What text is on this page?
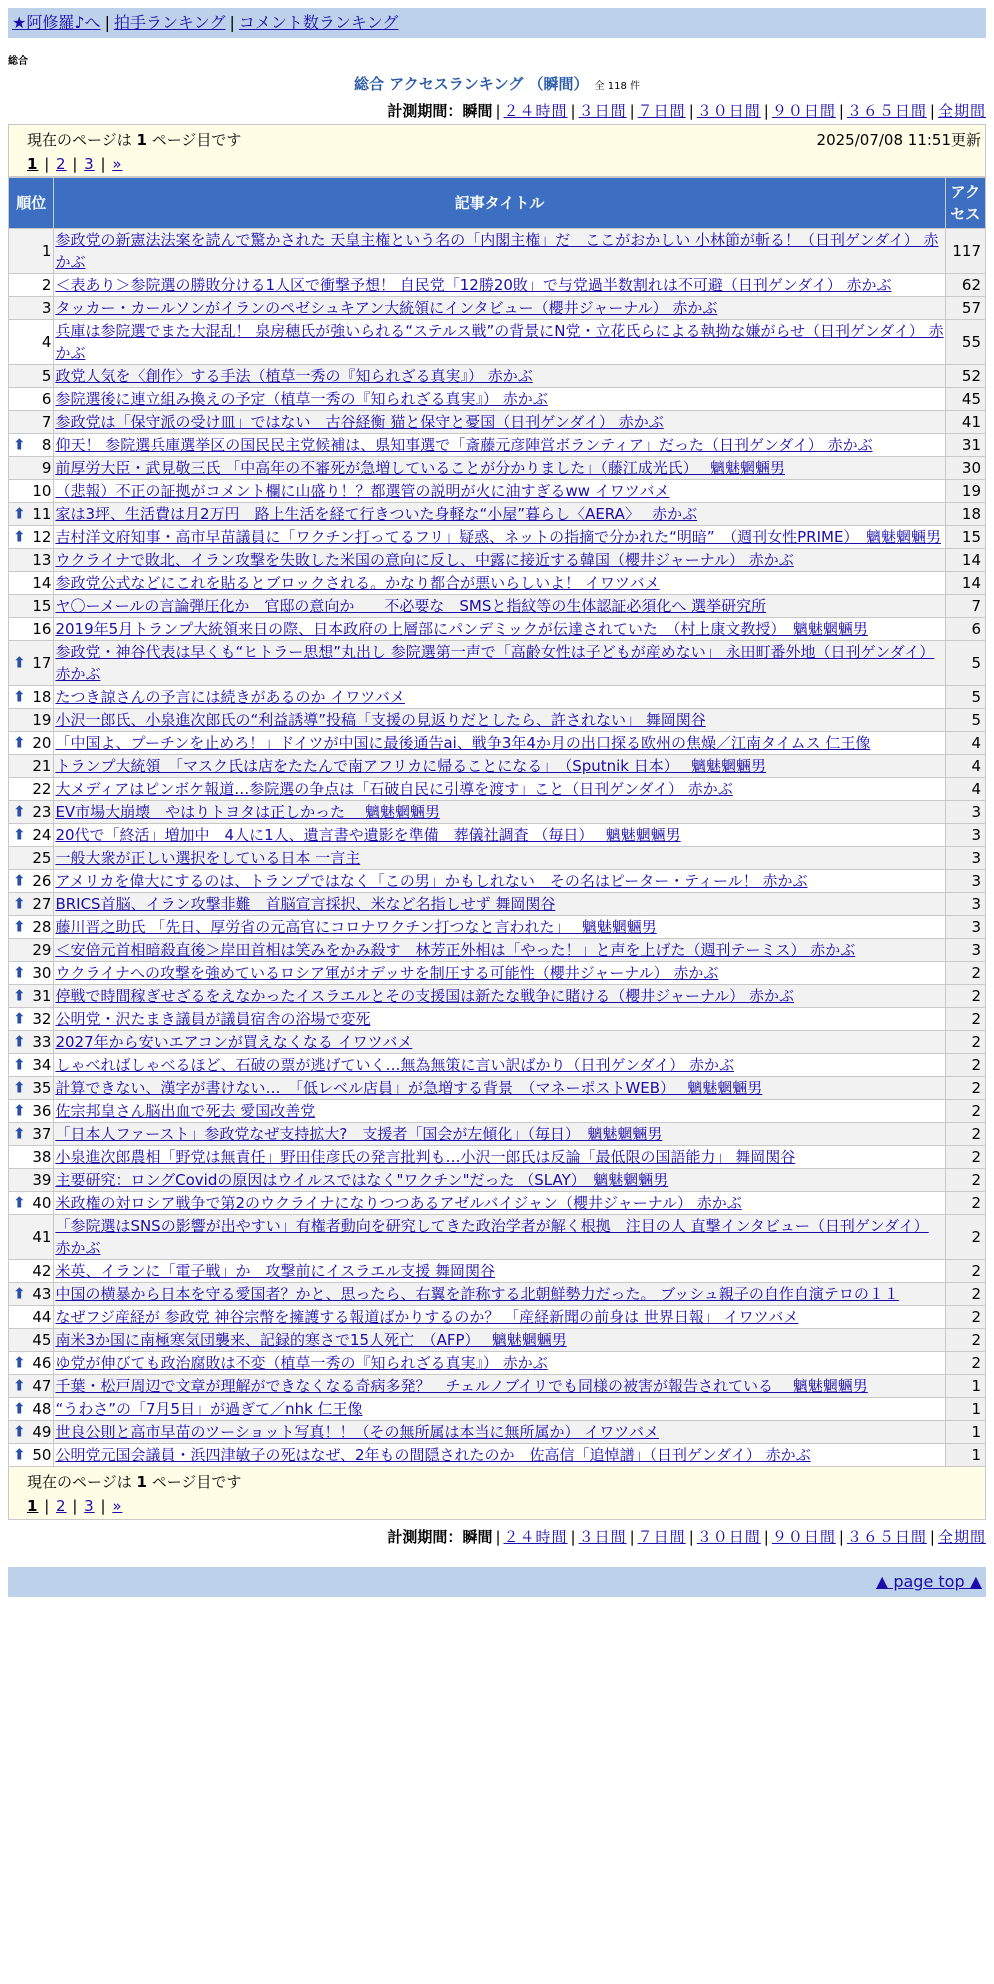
★阿修羅♪へ | 拍手ランキング | コメント数ランキング
総合
総合 アクセスランキング （瞬間） 全 118 件
計測期間：瞬間 | ２４時間 | ３日間 | ７日間 | ３０日間 | ９０日間 | ３６５日間 | 全期間
現在のページは 1 ページ目です	2025/07/08 11:51更新
1 | 2 | 3 | »
順位	記事タイトル	アクセス
1	参政党の新憲法法案を読んで驚かされた 天皇主権という名の「内閣主権」だ　ここがおかしい 小林節が斬る！（日刊ゲンダイ） 赤かぶ	117
2	＜表あり＞参院選の勝敗分ける1人区で衝撃予想！ 自民党「12勝20敗」で与党過半数割れは不可避（日刊ゲンダイ） 赤かぶ	62
3	タッカー・カールソンがイランのペゼシュキアン大統領にインタビュー（櫻井ジャーナル） 赤かぶ	57
4	兵庫は参院選でまた大混乱！ 泉房穂氏が強いられる“ステルス戦”の背景にN党・立花氏らによる執拗な嫌がらせ（日刊ゲンダイ） 赤かぶ	55
5	政党人気を〈創作〉する手法（植草一秀の『知られざる真実』） 赤かぶ	52
6	参院選後に連立組み換えの予定（植草一秀の『知られざる真実』） 赤かぶ	45
7	参政党は「保守派の受け皿」ではない　古谷経衡 猫と保守と憂国（日刊ゲンダイ） 赤かぶ	41

⬆ 8	仰天！ 参院選兵庫選挙区の国民民主党候補は、県知事選で「斎藤元彦陣営ボランティア」だった（日刊ゲンダイ） 赤かぶ	31
9	前厚労大臣・武見敬三氏 「中高年の不審死が急増していることが分かりました」（藤江成光氏）　 魑魅魍魎男	30
10	（悲報）不正の証拠がコメント欄に山盛り！？都選管の説明が火に油すぎるww イワツバメ	19

⬆ 11	家は3坪、生活費は月2万円　路上生活を経て行きついた身軽な“小屋”暮らし〈AERA〉　 赤かぶ	18

⬆ 12	吉村洋文府知事・高市早苗議員に「ワクチン打ってるフリ」疑惑、ネットの指摘で分かれた“明暗”　（週刊女性PRIME）　魑魅魍魎男	15
13	ウクライナで敗北、イラン攻撃を失敗した米国の意向に反し、中露に接近する韓国（櫻井ジャーナル） 赤かぶ	14
14	参政党公式などにこれを貼るとブロックされる。かなり都合が悪いらしいよ！ イワツバメ	14
15	ヤ〇ーメールの言論弾圧化か　官邸の意向か　　不必要な　SMSと指紋等の生体認証必須化へ 選挙研究所	7
16	2019年5月トランプ大統領来日の際、日本政府の上層部にパンデミックが伝達されていた　（村上康文教授）　魑魅魍魎男	6

⬆ 17	参政党・神谷代表は早くも“ヒトラー思想”丸出し 参院選第一声で「高齢女性は子どもが産めない」 永田町番外地（日刊ゲンダイ） 赤かぶ	5

⬆ 18	たつき諒さんの予言には続きがあるのか イワツバメ	5
19	小沢一郎氏、小泉進次郎氏の“利益誘導”投稿「支援の見返りだとしたら、許されない」 舞岡関谷	5

⬆ 20	「中国よ、プーチンを止めろ！」ドイツが中国に最後通告ai、戦争3年4か月の出口探る欧州の焦燥／江南タイムス 仁王像	4
21	トランプ大統領　「マスク氏は店をたたんで南アフリカに帰ることになる」　（Sputnik 日本）　 魑魅魍魎男	4
22	大メディアはピンボケ報道…参院選の争点は「石破自民に引導を渡す」こと（日刊ゲンダイ） 赤かぶ	4

⬆ 23	EV市場大崩壊　やはりトヨタは正しかった　 魑魅魍魎男	3

⬆ 24	20代で「終活」増加中　4人に1人、遺言書や遺影を準備　葬儀社調査 （毎日）　 魑魅魍魎男	3
25	一般大衆が正しい選択をしている日本 一言主	3

⬆ 26	アメリカを偉大にするのは、トランプではなく「この男」かもしれない　その名はピーター・ティール！ 赤かぶ	3

⬆ 27	BRICS首脳、イラン攻撃非難　首脳宣言採択、米など名指しせず 舞岡関谷	3

⬆ 28	藤川晋之助氏 「先日、厚労省の元高官にコロナワクチン打つなと言われた」　 魑魅魍魎男	3
29	＜安倍元首相暗殺直後＞岸田首相は笑みをかみ殺す　林芳正外相は「やった！」と声を上げた（週刊テーミス） 赤かぶ	3

⬆ 30	ウクライナへの攻撃を強めているロシア軍がオデッサを制圧する可能性（櫻井ジャーナル） 赤かぶ	2

⬆ 31	停戦で時間稼ぎせざるをえなかったイスラエルとその支援国は新たな戦争に賭ける（櫻井ジャーナル） 赤かぶ	2

⬆ 32	公明党・沢たまき議員が議員宿舎の浴場で変死	2

⬆ 33	2027年から安いエアコンが買えなくなる イワツバメ	2

⬆ 34	しゃべればしゃべるほど、石破の票が逃げていく…無為無策に言い訳ばかり（日刊ゲンダイ） 赤かぶ	2

⬆ 35	計算できない、漢字が書けない…　「低レベル店員」が急増する背景　（マネーポストWEB）　 魑魅魍魎男	2

⬆ 36	佐宗邦皇さん脳出血で死去 愛国改善党	2

⬆ 37	「日本人ファースト」参政党なぜ支持拡大?　支援者「国会が左傾化」（毎日）　魑魅魍魎男	2
38	小泉進次郎農相「野党は無責任」野田佳彦氏の発言批判も…小沢一郎氏は反論「最低限の国語能力」 舞岡関谷	2
39	主要研究：ロングCovidの原因はウイルスではなく"ワクチン"だった （SLAY）　魑魅魍魎男	2

⬆ 40	米政権の対ロシア戦争で第2のウクライナになりつつあるアゼルバイジャン（櫻井ジャーナル） 赤かぶ	2
41	「参院選はSNSの影響が出やすい」有権者動向を研究してきた政治学者が解く根拠　注目の人 直撃インタビュー（日刊ゲンダイ） 赤かぶ	2
42	米英、イランに「電子戦」か　攻撃前にイスラエル支援 舞岡関谷	2

⬆ 43	中国の横暴から日本を守る愛国者？かと、思ったら、右翼を詐称する北朝鮮勢力だった。 ブッシュ親子の自作自演テロの１１	2
44	なぜフジ産経が 参政党 神谷宗幣を擁護する報道ばかりするのか？ 「産経新聞の前身は 世界日報」 イワツバメ	2
45	南米3か国に南極寒気団襲来、記録的寒さで15人死亡　（AFP）　 魑魅魍魎男	2

⬆ 46	ゆ党が伸びても政治腐敗は不変（植草一秀の『知られざる真実』） 赤かぶ	2

⬆ 47	千葉・松戸周辺で文章が理解ができなくなる奇病多発？　チェルノブイリでも同様の被害が報告されている　 魑魅魍魎男	1

⬆ 48	“うわさ”の「7月5日」が過ぎて／nhk 仁王像	1

⬆ 49	世良公則と高市早苗のツーショット写真！！（その無所属は本当に無所属か） イワツバメ	1

⬆ 50	公明党元国会議員・浜四津敏子の死はなぜ、2年もの間隠されたのか　佐高信「追悼譜」（日刊ゲンダイ） 赤かぶ	1
現在のページは 1 ページ目です
1 | 2 | 3 | »
計測期間：瞬間 | ２４時間 | ３日間 | ７日間 | ３０日間 | ９０日間 | ３６５日間 | 全期間
▲ page top ▲
